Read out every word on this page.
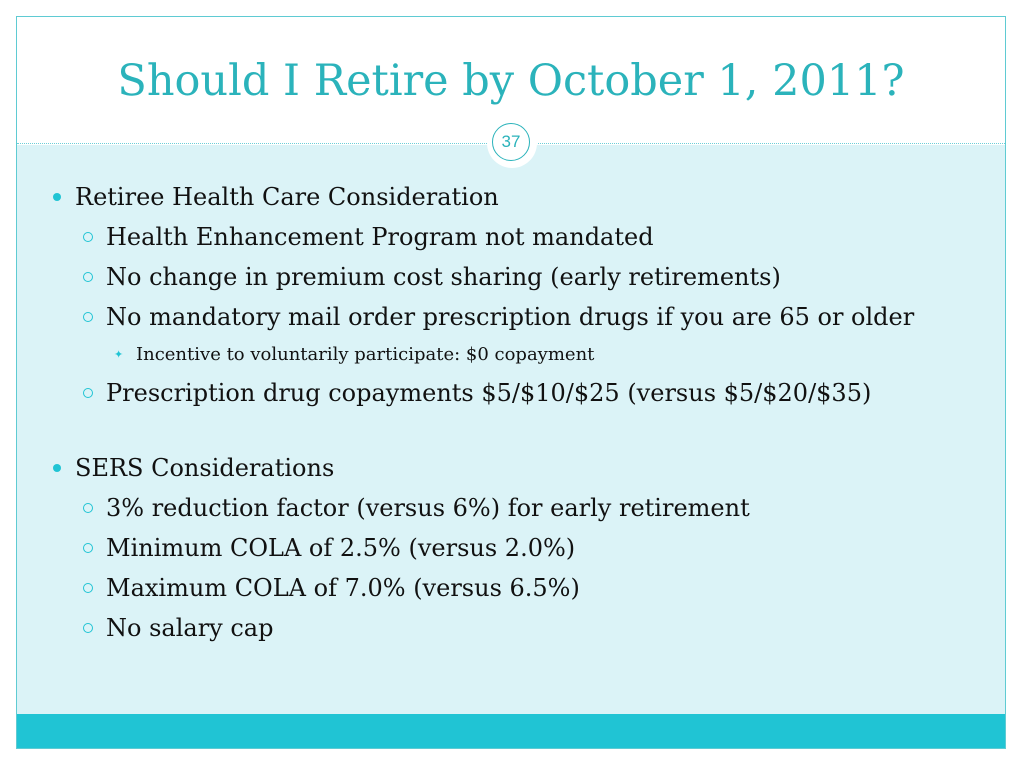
Should I Retire by October 1, 2011?
37
Retiree Health Care Consideration
Health Enhancement Program not mandated
No change in premium cost sharing (early retirements)
No mandatory mail order prescription drugs if you are 65 or older
✦ Incentive to voluntarily participate: $0 copayment
Prescription drug copayments $5/$10/$25 (versus $5/$20/$35)
SERS Considerations
3% reduction factor (versus 6%) for early retirement
Minimum COLA of 2.5% (versus 2.0%)
Maximum COLA of 7.0% (versus 6.5%)
No salary cap
